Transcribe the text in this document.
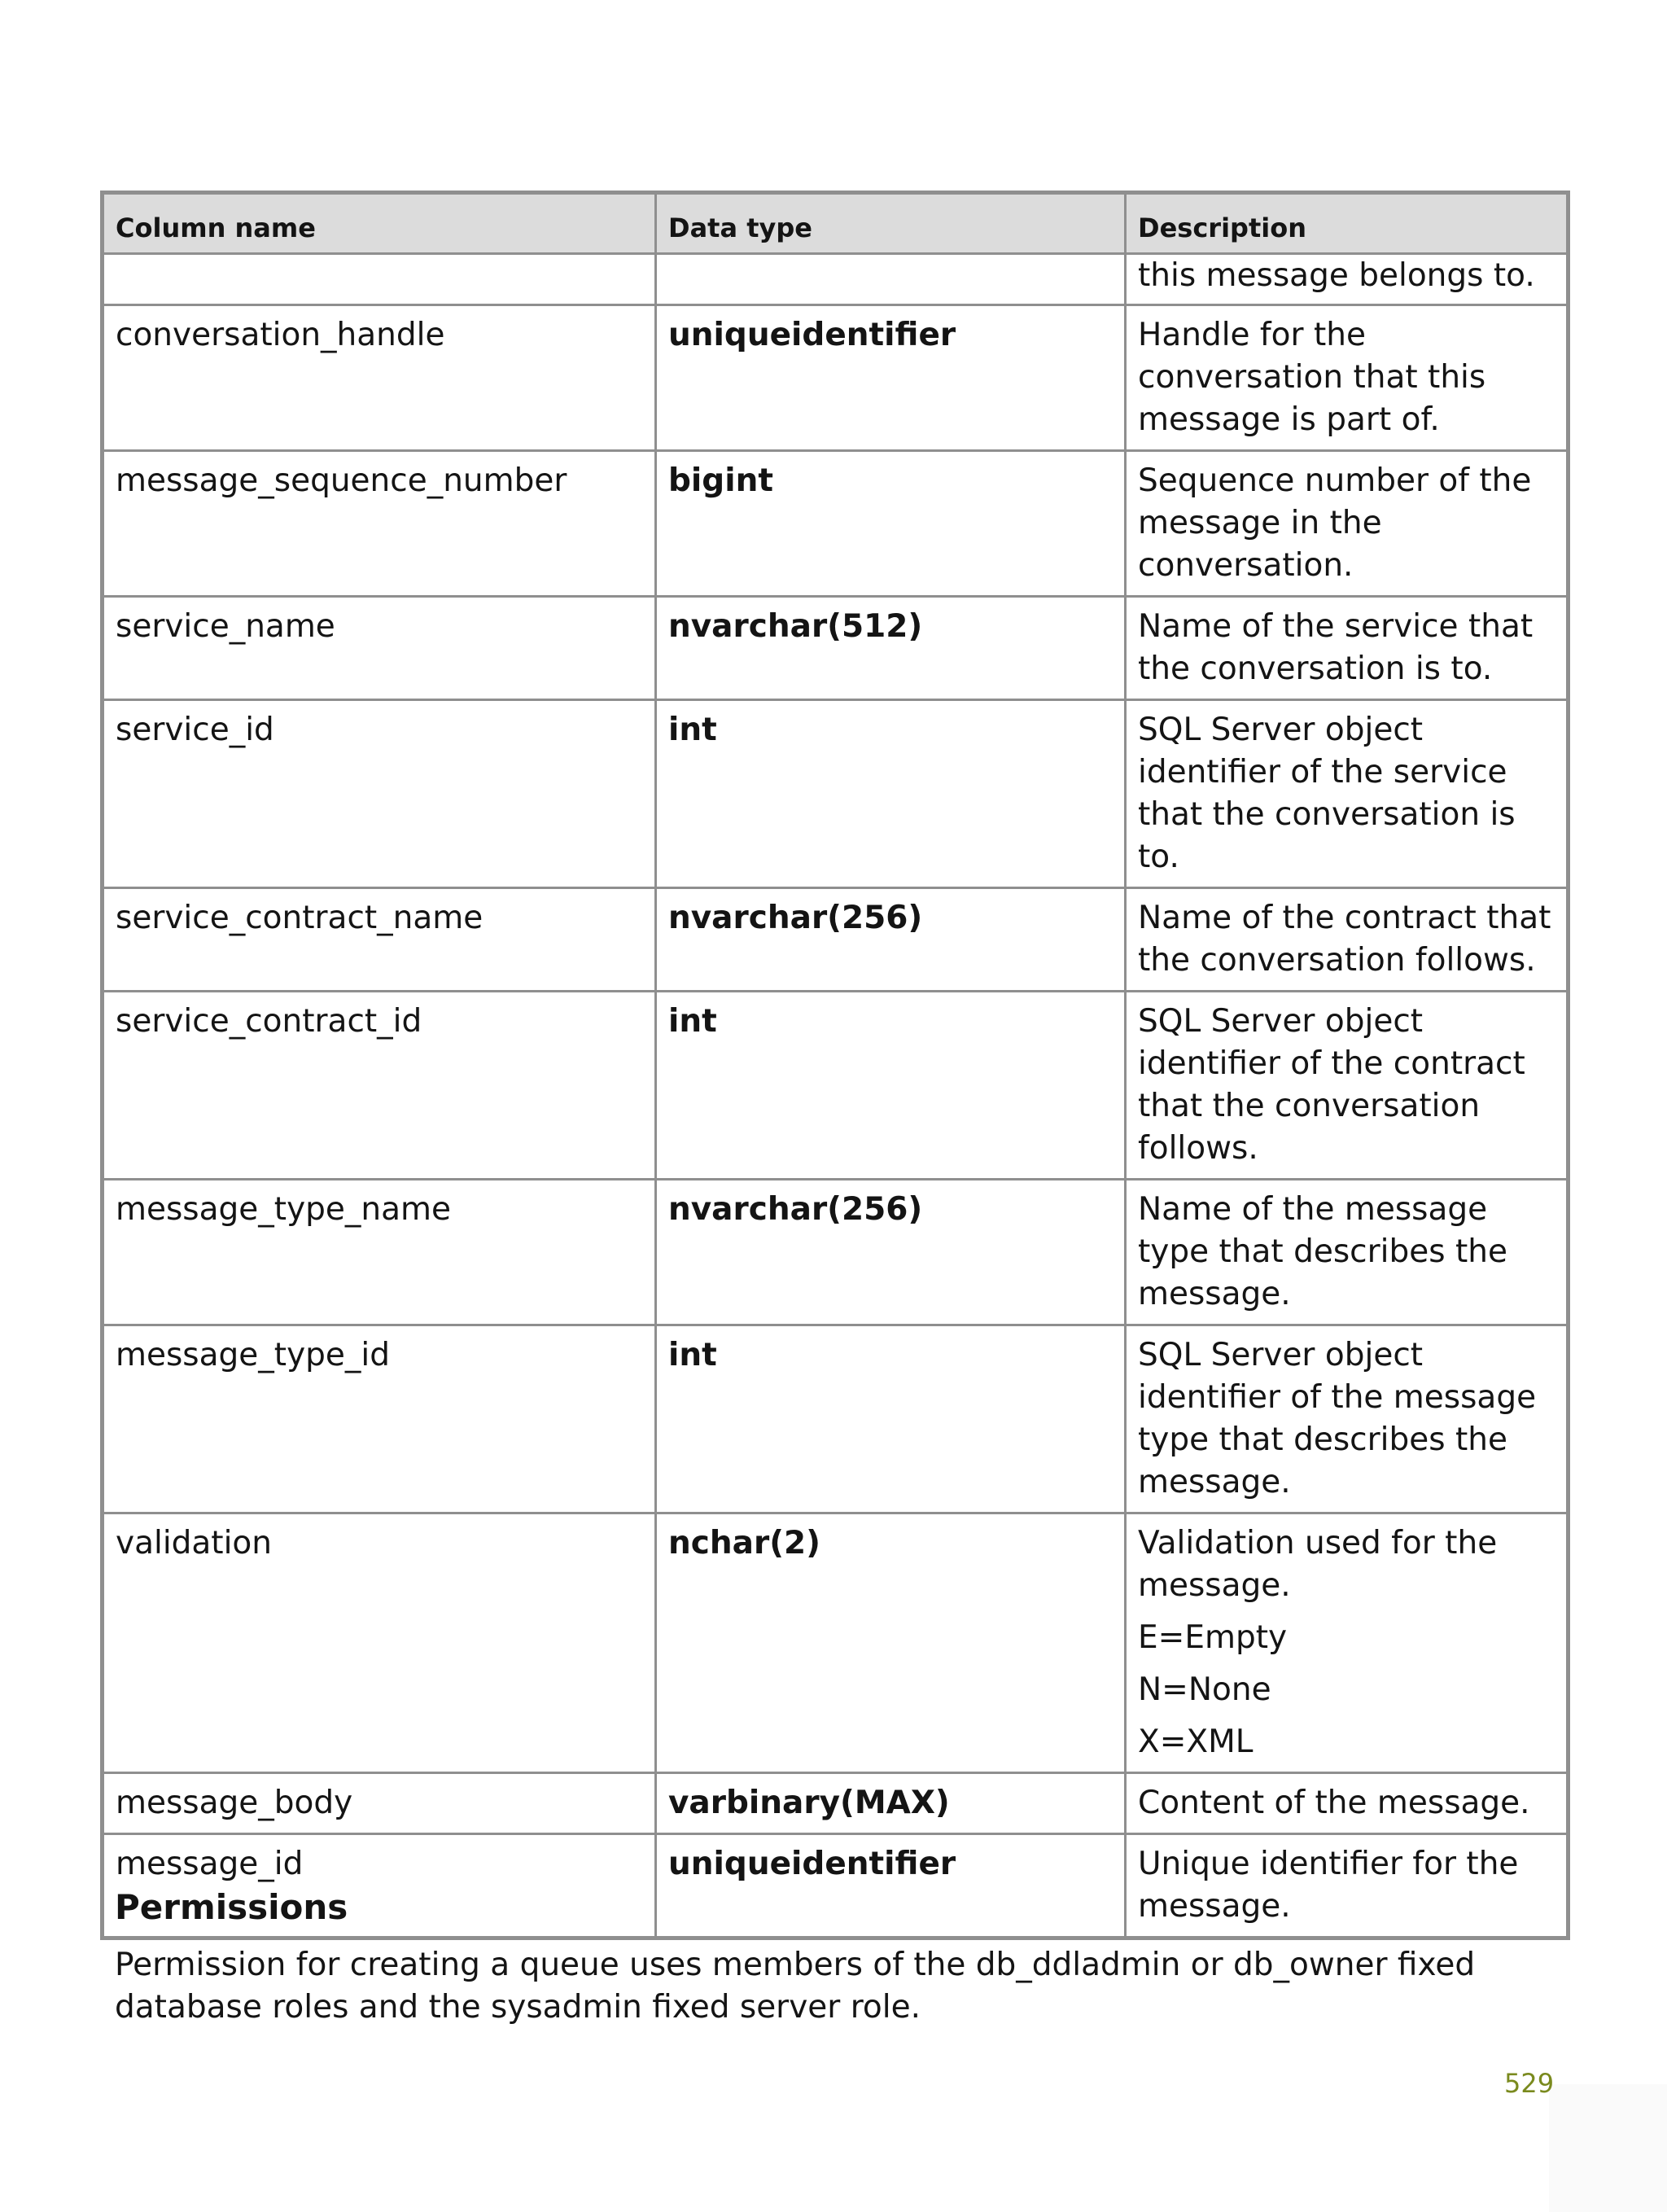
Column name	Data type	Description
		this message belongs to.
conversation_handle	uniqueidentifier	Handle for the conversation that this message is part of.

message_sequence_number	bigint	Sequence number of the message in the conversation.

service_name	nvarchar(512)	Name of the service that the conversation is to.

service_id	int	SQL Server object identifier of the service that the conversation is to.

service_contract_name	nvarchar(256)	Name of the contract that the conversation follows.

service_contract_id	int	SQL Server object identifier of the contract that the conversation follows.

message_type_name	nvarchar(256)	Name of the message type that describes the message.

message_type_id	int	SQL Server object identifier of the message type that describes the message.

validation	nchar(2)	Validation used for the message.
E=Empty
N=None
X=XML

message_body	varbinary(MAX)	Content of the message.

message_id	uniqueidentifier	Unique identifier for the message.
Permissions

Permission for creating a queue uses members of the db_ddladmin or db_owner fixed database roles and the sysadmin fixed server role.

529
